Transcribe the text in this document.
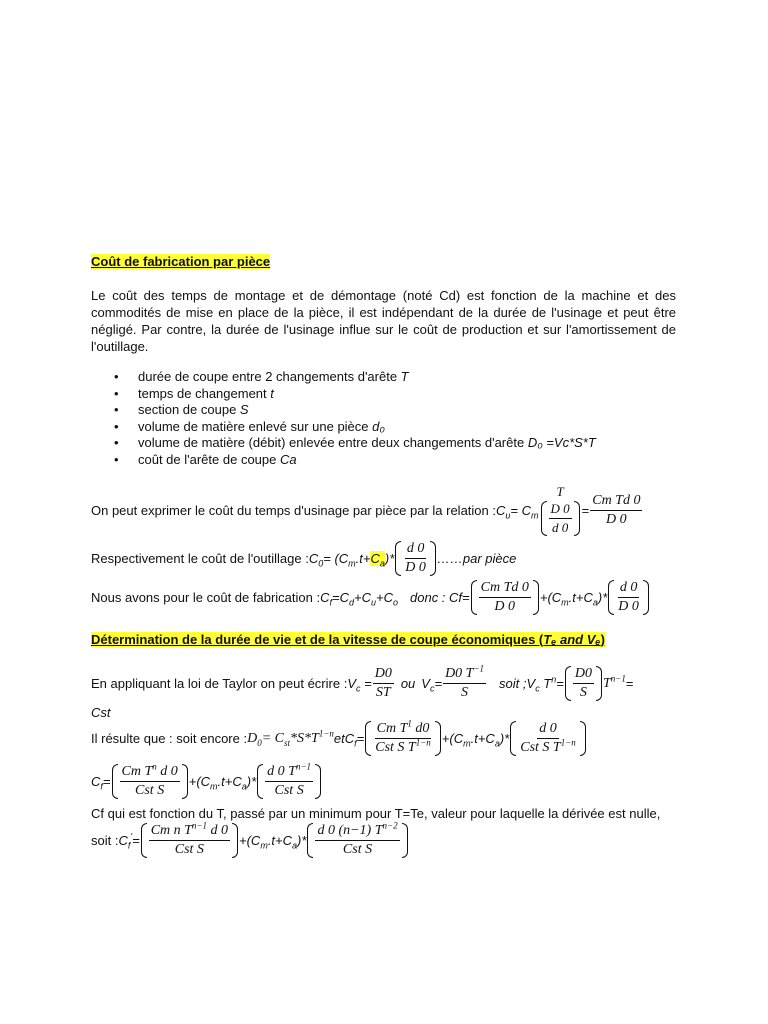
Coût de fabrication par pièce
Le coût des temps de montage et de démontage (noté Cd) est fonction de la machine et des commodités de mise en place de la pièce, il est indépendant de la durée de l'usinage et peut être négligé. Par contre, la durée de l'usinage influe sur le coût de production et sur l'amortissement de l'outillage.
• durée de coupe entre 2 changements d'arête T
• temps de changement t
• section de coupe S
• volume de matière enlevé sur une pièce d₀
• volume de matière (débit) enlevée entre deux changements d'arête D₀ =Vc*S*T
• coût de l'arête de coupe Ca
On peut exprimer le coût du temps d'usinage par pièce par la relation : $C_u= C_m$
T
D 0
d 0
= $\frac{\text{Cm Td 0}}{D 0}$
Respectivement le coût de l'outillage : $C_0= (C_m.t+C_a)*$
d 0
D 0
……par pièce
Nous avons pour le coût de fabrication : $C_f=C_d+C_u+C_o$ donc : Cf=
Cm Td 0
D 0
$+(C_m.t+C_a)*$
d 0
D 0
Détermination de la durée de vie et de la vitesse de coupe économiques (Tₑ and Vₑ)
En appliquant la loi de Taylor on peut écrire : $V_c = \frac{D0}{ST}$ ou $V_c= \frac{D0 T^{-1}}{S}$ soit ; $V_c$ $T^n=$
D0
S
$T^{n-1}$ =
Cst
Il résulte que : soit encore : $D_0= C_{st}*S*T^{1-n}$ et $C_f=$
Cm $T^1$ d0
Cst S $T^{1-n} +(C_m.t+C_a)*$
d 0
Cst S $T^{1-n}$
$C_f=$
Cm $T^n$ d 0
Cst S
$+(C_m.t+C_a)*$
d 0 $T^{n-1}$
Cst S
Cf qui est fonction du T, passé par un minimum pour T=Te, valeur pour laquelle la dérivée est nulle,
soit : $C_f'=$
Cm n $T^{n-1}$ d 0
Cst S
$+(C_m.t+C_a)*$
d 0 (n−1) $T^{n-2}$
Cst S
